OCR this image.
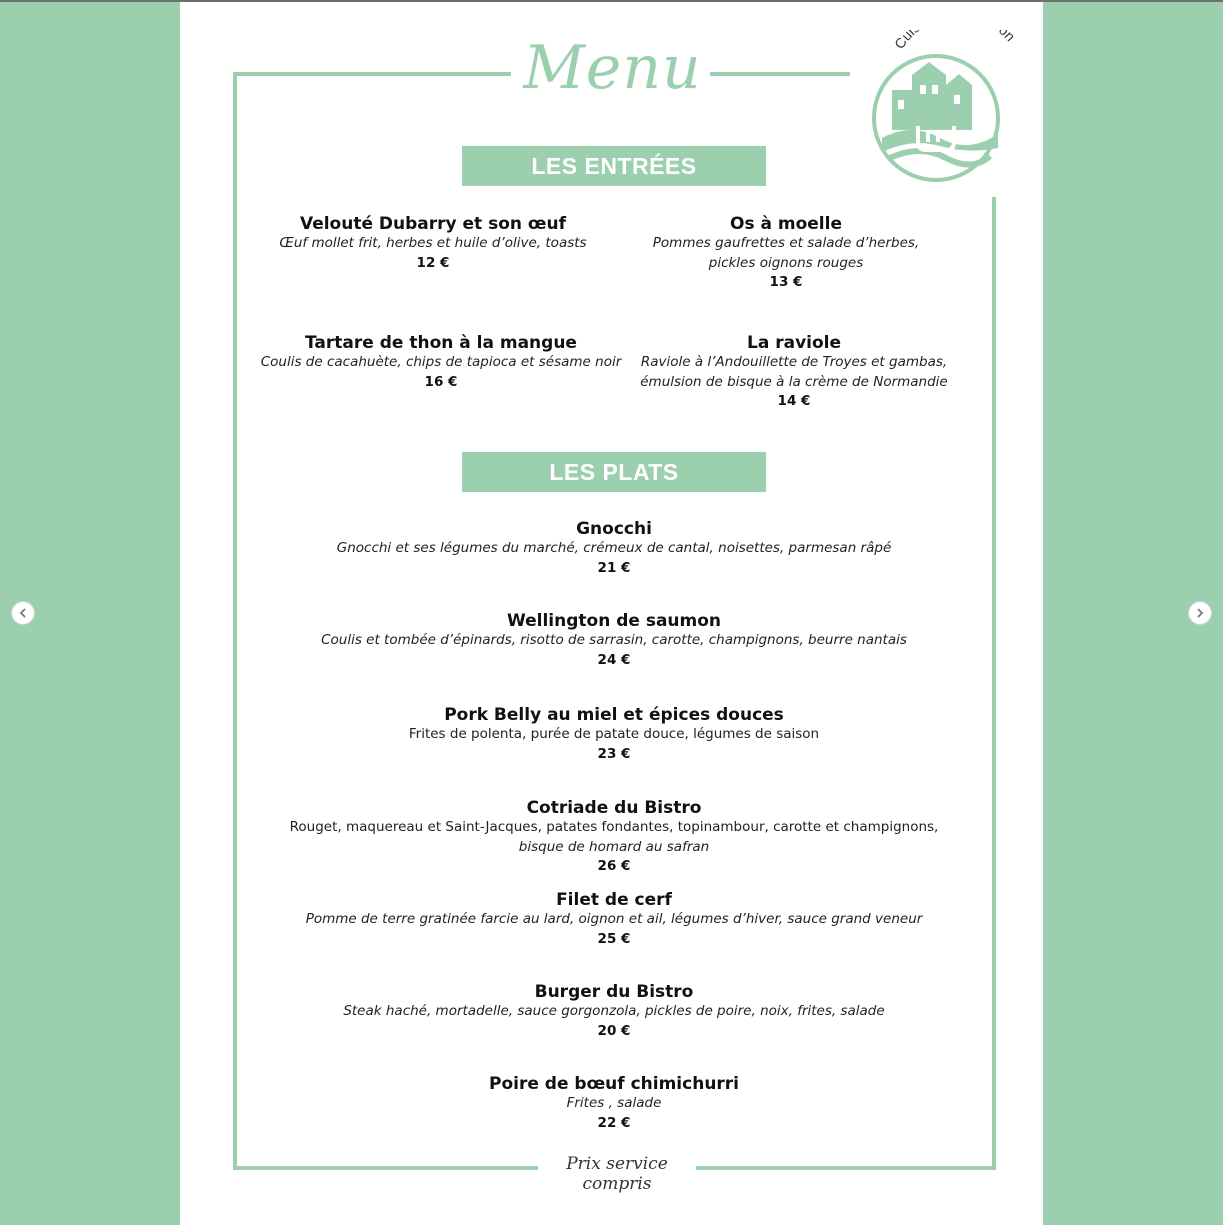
Menu	Cui on
LES ENTRÉES
Velouté Dubarry et son œuf
Œuf mollet frit, herbes et huile d’olive, toasts
12 €
Os à moelle
Pommes gaufrettes et salade d’herbes,
pickles oignons rouges
13 €
Tartare de thon à la mangue
Coulis de cacahuète, chips de tapioca et sésame noir
16 €
La raviole
Raviole à l’Andouillette de Troyes et gambas,
émulsion de bisque à la crème de Normandie
14 €
LES PLATS
Gnocchi
Gnocchi et ses légumes du marché, crémeux de cantal, noisettes, parmesan râpé
21 €
Wellington de saumon
Coulis et tombée d’épinards, risotto de sarrasin, carotte, champignons, beurre nantais
24 €
Pork Belly au miel et épices douces
Frites de polenta, purée de patate douce, légumes de saison
23 €
Cotriade du Bistro
Rouget, maquereau et Saint-Jacques, patates fondantes, topinambour, carotte et champignons,
bisque de homard au safran
26 €
Filet de cerf
Pomme de terre gratinée farcie au lard, oignon et ail, légumes d’hiver, sauce grand veneur
25 €
Burger du Bistro
Steak haché, mortadelle, sauce gorgonzola, pickles de poire, noix, frites, salade
20 €
Poire de bœuf chimichurri
Frites , salade
22 €
Prix service compris
